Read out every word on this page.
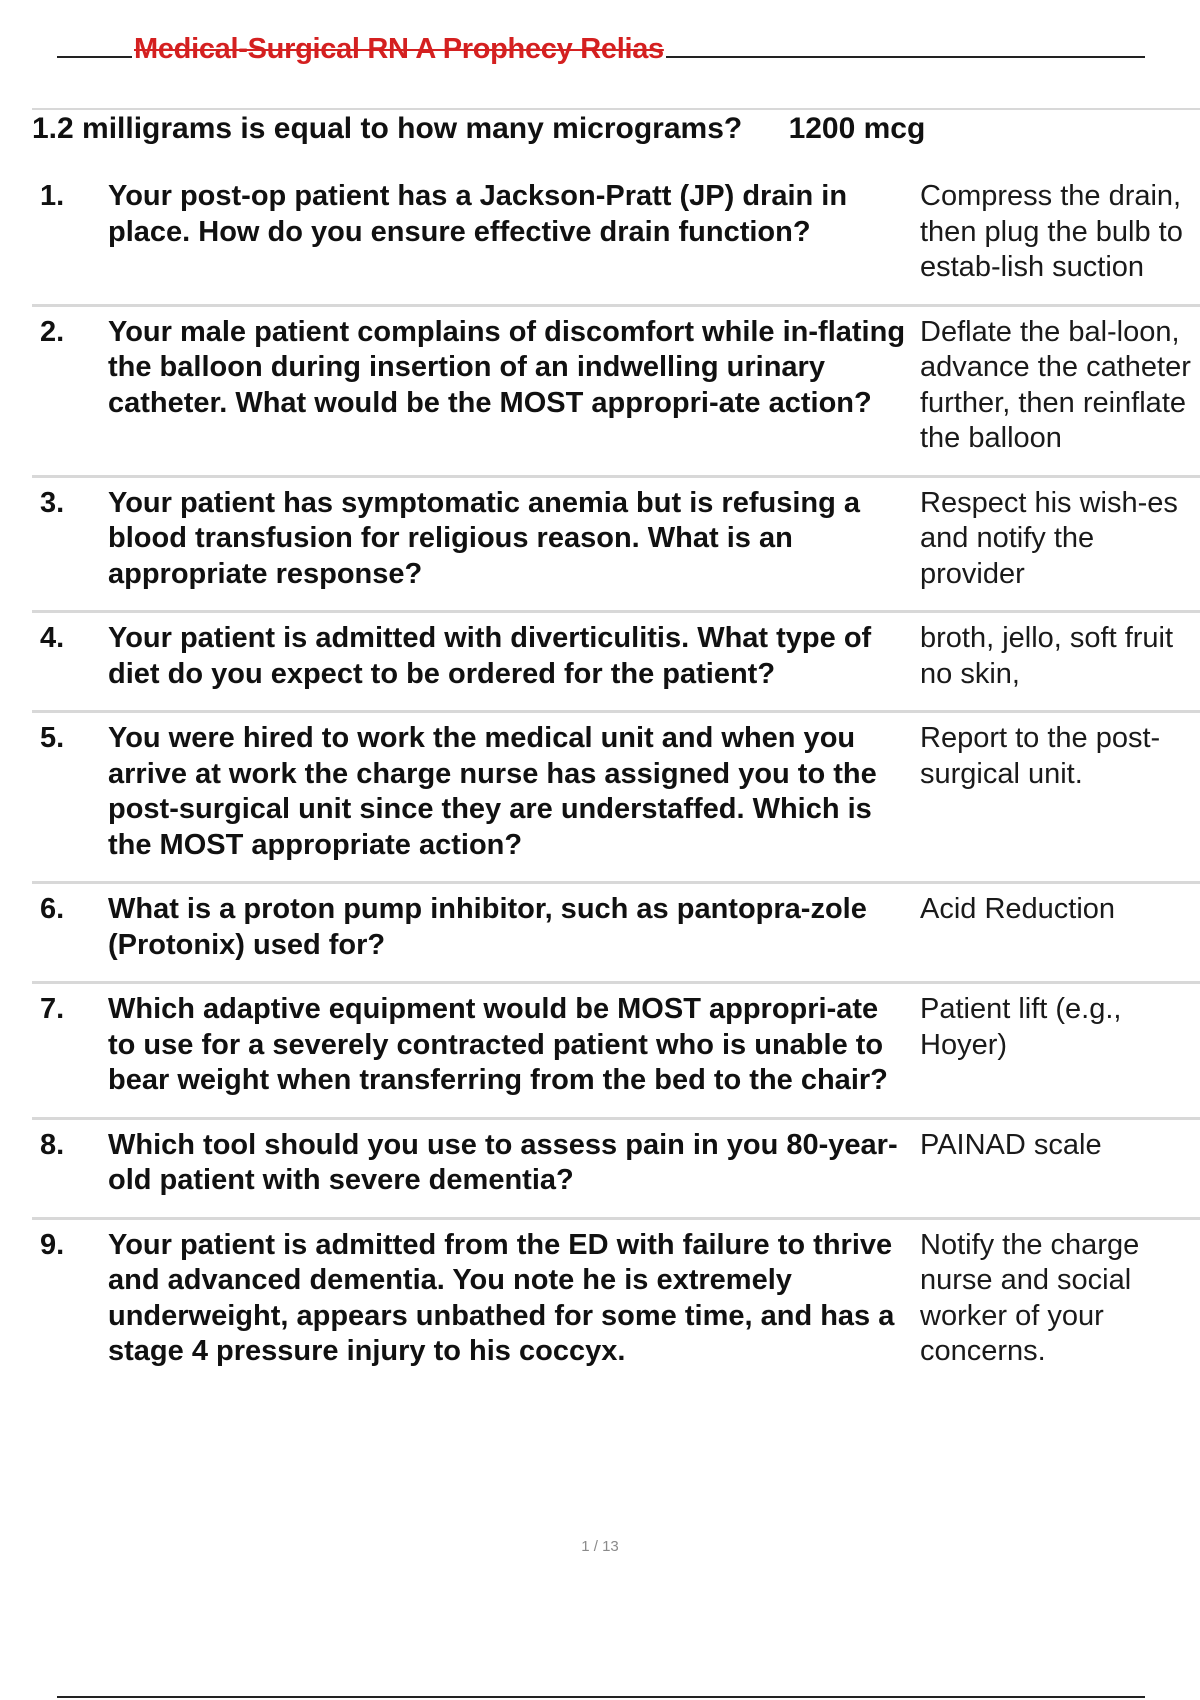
Medical-Surgical RN A Prophecy Relias
1.2 milligrams is equal to how many micrograms? 1200 mcg
1.	Your post-op patient has a Jackson-Pratt (JP) drain in place. How do you ensure effective drain function?
Compress the drain, then plug the bulb to estab-lish suction
2.	Your male patient complains of discomfort while in-flating the balloon during insertion of an indwelling urinary catheter. What would be the MOST appropri-ate action?
Deflate the bal-loon, advance the catheter further, then reinflate the balloon
3.	Your patient has symptomatic anemia but is refusing a blood transfusion for religious reason. What is an appropriate response?
Respect his wish-es and notify the provider
4.	Your patient is admitted with diverticulitis. What type of diet do you expect to be ordered for the patient?
broth, jello, soft fruit no skin,
5.	You were hired to work the medical unit and when you arrive at work the charge nurse has assigned you to the post-surgical unit since they are understaffed. Which is the MOST appropriate action?
Report to the post-surgical unit.
6.	What is a proton pump inhibitor, such as pantopra-zole (Protonix) used for?
Acid Reduction
7.	Which adaptive equipment would be MOST appropri-ate to use for a severely contracted patient who is unable to bear weight when transferring from the bed to the chair?
Patient lift (e.g., Hoyer)
8.	Which tool should you use to assess pain in you 80-year-old patient with severe dementia?
PAINAD scale
9.	Your patient is admitted from the ED with failure to thrive and advanced dementia. You note he is extremely underweight, appears unbathed for some time, and has a stage 4 pressure injury to his coccyx.
Notify the charge nurse and social worker of your concerns.
1 / 13
